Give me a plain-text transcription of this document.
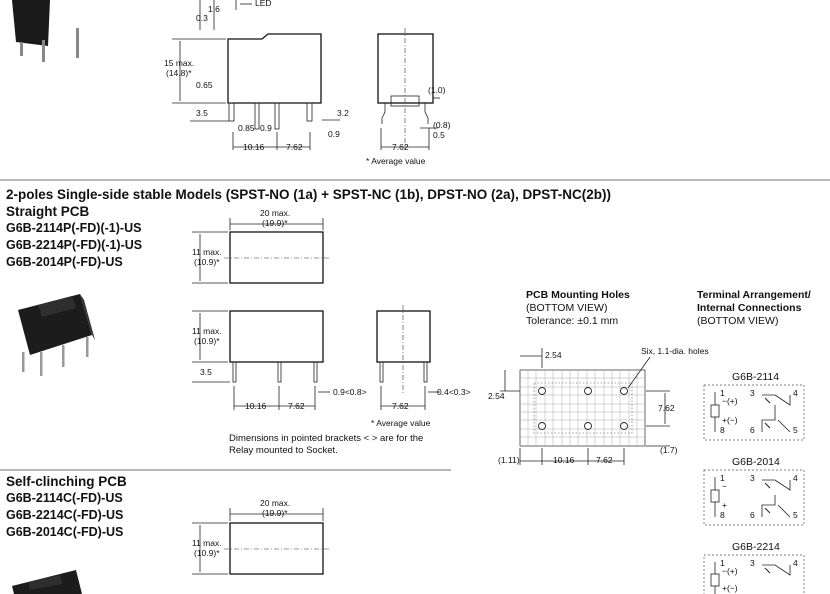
LED
1.6
0.3
15 max.
(14.8)*
0.65
3.5
0.85 0.9
3.2
10.16	7.62
0.9
(1.0)
(0.8)
0.5
7.62
* Average value
2-poles Single-side stable Models (SPST-NO (1a) + SPST-NC (1b), DPST-NO (2a), DPST-NC(2b))
Straight PCB
G6B-2114P(-FD)(-1)-US
G6B-2214P(-FD)(-1)-US
G6B-2014P(-FD)-US
20 max.
(19.9)*
11 max.
(10.9)*
11 max.
(10.9)*
3.5
10.16	7.62
0.9<0.8>	0.4<0.3>
7.62
* Average value
Dimensions in pointed brackets < > are for the
Relay mounted to Socket.
PCB Mounting Holes
(BOTTOM VIEW)
Tolerance: ±0.1 mm
Six, 1.1-dia. holes
2.54
2.54
7.62
(1.7)
(1.11)	10.16	7.62
Terminal Arrangement/
Internal Connections
(BOTTOM VIEW)
G6B-2114
1	3	4
6	5
8
−(+)
+(−)
G6B-2014
1	3	4
6	5
8
−
+
G6B-2214
1	3	4
−(+)
+(−)
Self-clinching PCB
G6B-2114C(-FD)-US
G6B-2214C(-FD)-US
G6B-2014C(-FD)-US
20 max.
(19.9)*
11 max.
(10.9)*
